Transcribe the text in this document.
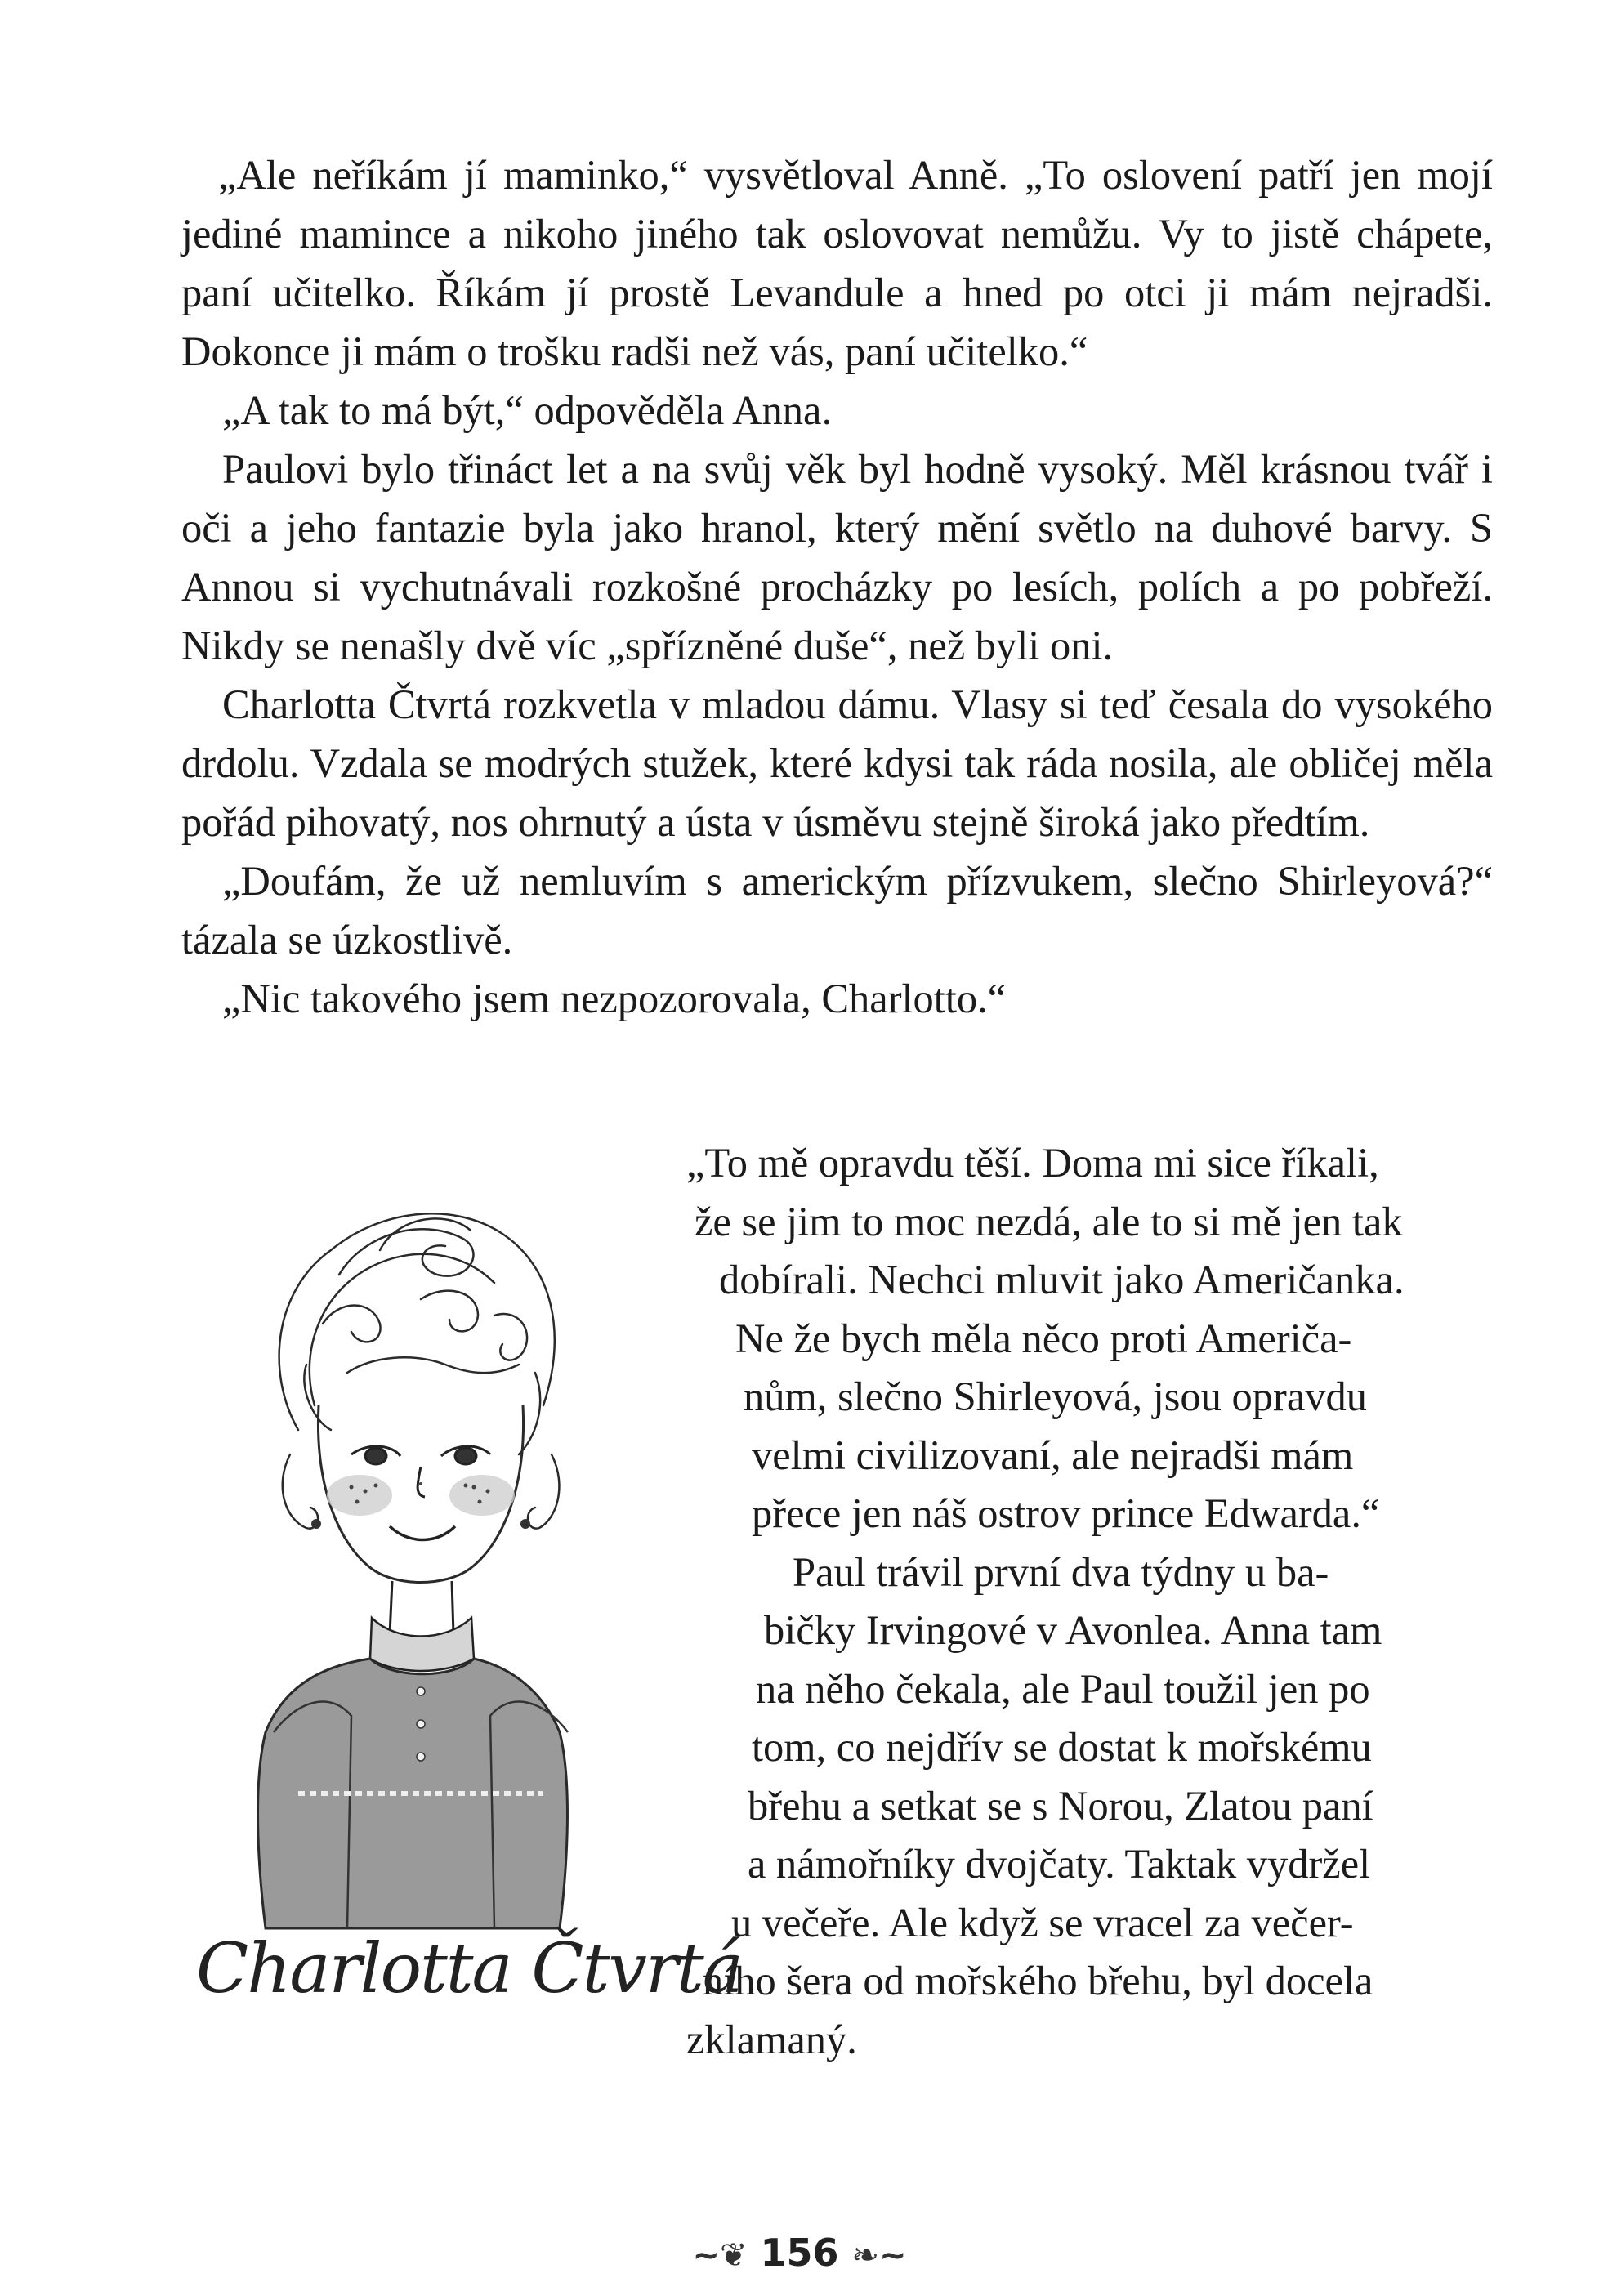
„Ale neříkám jí maminko,“ vysvětloval Anně. „To oslovení patří jen mojí jediné mamince a nikoho jiného tak oslovovat nemůžu. Vy to jistě chápete, paní učitelko. Říkám jí prostě Levandule a hned po otci ji mám nejradši. Dokonce ji mám o trošku radši než vás, paní učitelko.“

„A tak to má být,“ odpověděla Anna.

Paulovi bylo třináct let a na svůj věk byl hodně vysoký. Měl krásnou tvář i oči a jeho fantazie byla jako hranol, který mění světlo na duhové barvy. S Annou si vychutnávali rozkošné procházky po lesích, polích a po pobřeží. Nikdy se nenašly dvě víc „spřízněné duše“, než byli oni.

Charlotta Čtvrtá rozkvetla v mladou dámu. Vlasy si teď česala do vysokého drdolu. Vzdala se modrých stužek, které kdysi tak ráda nosila, ale obličej měla pořád pihovatý, nos ohrnutý a ústa v úsměvu stejně široká jako předtím.

„Doufám, že už nemluvím s americkým přízvukem, slečno Shirleyová?“ tázala se úzkostlivě.

„Nic takového jsem nezpozorovala, Charlotto.“

„To mě opravdu těší. Doma mi sice říkali,
že se jim to moc nezdá, ale to si mě jen tak
dobírali. Nechci mluvit jako Američanka.
Ne že bych měla něco proti Američa-
nům, slečno Shirleyová, jsou opravdu
velmi civilizovaní, ale nejradši mám
přece jen náš ostrov prince Edwarda.“
Paul trávil první dva týdny u ba-
bičky Irvingové v Avonlea. Anna tam
na něho čekala, ale Paul toužil jen po
tom, co nejdřív se dostat k mořskému
břehu a setkat se s Norou, Zlatou paní
a námořníky dvojčaty. Taktak vydržel
u večeře. Ale když se vracel za večer-
ního šera od mořského břehu, byl docela
zklamaný.
Charlotta Čtvrtá
~❦ 156 ❧~
